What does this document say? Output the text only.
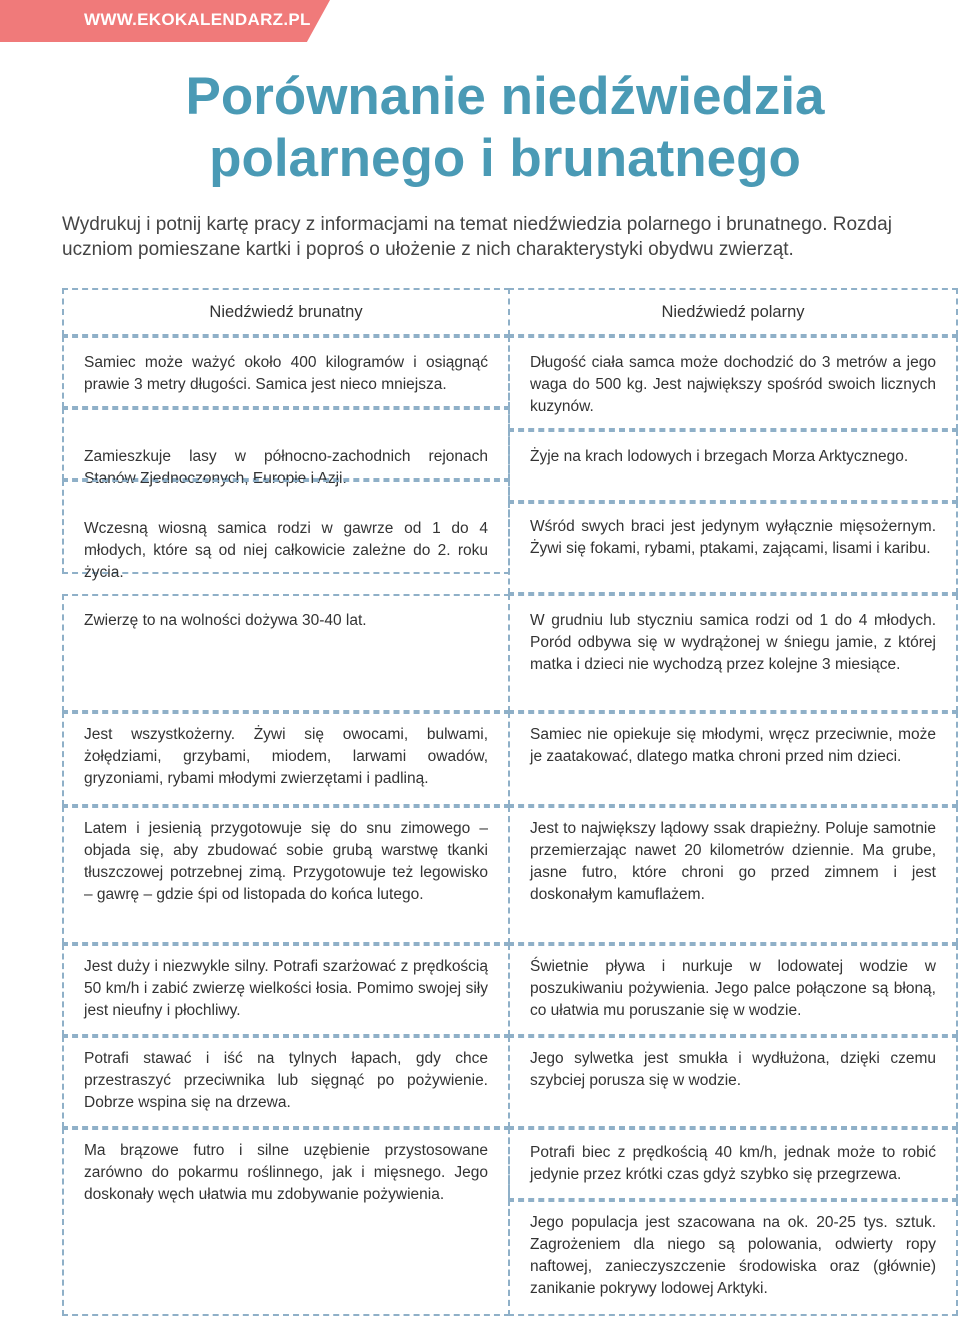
WWW.EKOKALENDARZ.PL
Porównanie niedźwiedzia
polarnego i brunatnego

Wydrukuj i potnij kartę pracy z informacjami na temat niedźwiedzia polarnego i brunatnego. Rozdaj uczniom pomieszane kartki i poproś o ułożenie z nich charakterystyki obydwu zwierząt.

Niedźwiedź brunatny

Samiec może ważyć około 400 kilogramów i osiągnąć prawie 3 metry długości. Samica jest nieco mniejsza.

Zamieszkuje lasy w północno-zachodnich rejonach Stanów Zjednoczonych, Europie i Azji.

Wczesną wiosną samica rodzi w gawrze od 1 do 4 młodych, które są od niej całkowicie zależne do 2. roku życia.

Zwierzę to na wolności dożywa 30-40 lat.

Jest wszystkożerny. Żywi się owocami, bulwami, żołędziami, grzybami, miodem, larwami owadów, gryzoniami, rybami młodymi zwierzętami i padliną.

Latem i jesienią przygotowuje się do snu zimowego – objada się, aby zbudować sobie grubą warstwę tkanki tłuszczowej potrzebnej zimą. Przygotowuje też legowisko – gawrę – gdzie śpi od listopada do końca lutego.

Jest duży i niezwykle silny. Potrafi szarżować z prędkością 50 km/h i zabić zwierzę wielkości łosia. Pomimo swojej siły jest nieufny i płochliwy.

Potrafi stawać i iść na tylnych łapach, gdy chce przestraszyć przeciwnika lub sięgnąć po pożywienie. Dobrze wspina się na drzewa.

Ma brązowe futro i silne uzębienie przystosowane zarówno do pokarmu roślinnego, jak i mięsnego. Jego doskonały węch ułatwia mu zdobywanie pożywienia.

Niedźwiedź polarny

Długość ciała samca może dochodzić do 3 metrów a jego waga do 500 kg. Jest największy spośród swoich licznych kuzynów.

Żyje na krach lodowych i brzegach Morza Arktycznego.

Wśród swych braci jest jedynym wyłącznie mięsożernym. Żywi się fokami, rybami, ptakami, zającami, lisami i karibu.

W grudniu lub styczniu samica rodzi od 1 do 4 młodych. Poród odbywa się w wydrążonej w śniegu jamie, z której matka i dzieci nie wychodzą przez kolejne 3 miesiące.

Samiec nie opiekuje się młodymi, wręcz przeciwnie, może je zaatakować, dlatego matka chroni przed nim dzieci.

Jest to największy lądowy ssak drapieżny. Poluje samotnie przemierzając nawet 20 kilometrów dziennie. Ma grube, jasne futro, które chroni go przed zimnem i jest doskonałym kamuflażem.

Świetnie pływa i nurkuje w lodowatej wodzie w poszukiwaniu pożywienia. Jego palce połączone są błoną, co ułatwia mu poruszanie się w wodzie.

Jego sylwetka jest smukła i wydłużona, dzięki czemu szybciej porusza się w wodzie.

Potrafi biec z prędkością 40 km/h, jednak może to robić jedynie przez krótki czas gdyż szybko się przegrzewa.

Jego populacja jest szacowana na ok. 20-25 tys. sztuk. Zagrożeniem dla niego są polowania, odwierty ropy naftowej, zanieczyszczenie środowiska oraz (głównie) zanikanie pokrywy lodowej Arktyki.
